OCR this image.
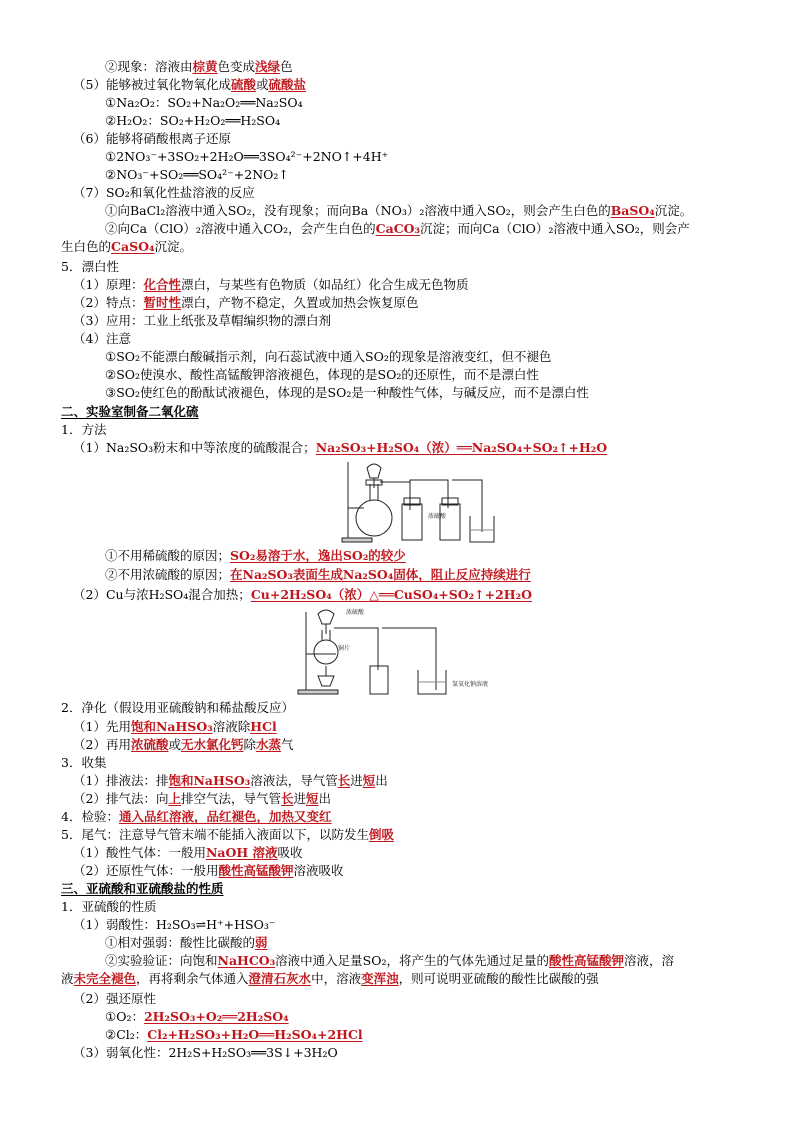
②现象：溶液由棕黄色变成浅绿色
（5）能够被过氧化物氧化成硫酸或硫酸盐
①Na₂O₂：SO₂+Na₂O₂══Na₂SO₄
②H₂O₂：SO₂+H₂O₂══H₂SO₄
（6）能够将硝酸根离子还原
①2NO₃⁻+3SO₂+2H₂O══3SO₄²⁻+2NO↑+4H⁺
②NO₃⁻+SO₂══SO₄²⁻+2NO₂↑
（7）SO₂和氧化性盐溶液的反应
①向BaCl₂溶液中通入SO₂，没有现象；而向Ba（NO₃）₂溶液中通入SO₂，则会产生白色的BaSO₄沉淀。
②向Ca（ClO）₂溶液中通入CO₂，会产生白色的CaCO₃沉淀；而向Ca（ClO）₂溶液中通入SO₂，则会产
生白色的CaSO₄沉淀。
5．漂白性
（1）原理：化合性漂白，与某些有色物质（如品红）化合生成无色物质
（2）特点：暂时性漂白，产物不稳定，久置或加热会恢复原色
（3）应用：工业上纸张及草帽编织物的漂白剂
（4）注意
①SO₂不能漂白酸碱指示剂，向石蕊试液中通入SO₂的现象是溶液变红，但不褪色
②SO₂使溴水、酸性高锰酸钾溶液褪色，体现的是SO₂的还原性，而不是漂白性
③SO₂使红色的酚酞试液褪色，体现的是SO₂是一种酸性气体，与碱反应，而不是漂白性
二、实验室制备二氧化硫
1．方法
（1）Na₂SO₃粉末和中等浓度的硫酸混合；Na₂SO₃+H₂SO₄（浓）══Na₂SO₄+SO₂↑+H₂O
①不用稀硫酸的原因；SO₂易溶于水，逸出SO₂的较少
②不用浓硫酸的原因；在Na₂SO₃表面生成Na₂SO₄固体，阻止反应持续进行
（2）Cu与浓H₂SO₄混合加热；Cu+2H₂SO₄（浓）△══CuSO₄+SO₂↑+2H₂O
2．净化（假设用亚硫酸钠和稀盐酸反应）
（1）先用饱和NaHSO₃溶液除HCl
（2）再用浓硫酸或无水氯化钙除水蒸气
3．收集
（1）排液法：排饱和NaHSO₃溶液法，导气管长进短出
（2）排气法：向上排空气法，导气管长进短出
4．检验：通入品红溶液，品红褪色，加热又变红
5．尾气：注意导气管末端不能插入液面以下，以防发生倒吸
（1）酸性气体：一般用NaOH 溶液吸收
（2）还原性气体：一般用酸性高锰酸钾溶液吸收
三、亚硫酸和亚硫酸盐的性质
1．亚硫酸的性质
（1）弱酸性：H₂SO₃⇌H⁺+HSO₃⁻
①相对强弱：酸性比碳酸的弱
②实验验证：向饱和NaHCO₃溶液中通入足量SO₂，将产生的气体先通过足量的酸性高锰酸钾溶液，溶
液未完全褪色，再将剩余气体通入澄清石灰水中，溶液变浑浊，则可说明亚硫酸的酸性比碳酸的强
（2）强还原性
①O₂：2H₂SO₃+O₂══2H₂SO₄
②Cl₂：Cl₂+H₂SO₃+H₂O══H₂SO₄+2HCl
（3）弱氧化性：2H₂S+H₂SO₃══3S↓+3H₂O
浓硫酸
浓硫酸
铜片
氢氧化钠溶液
